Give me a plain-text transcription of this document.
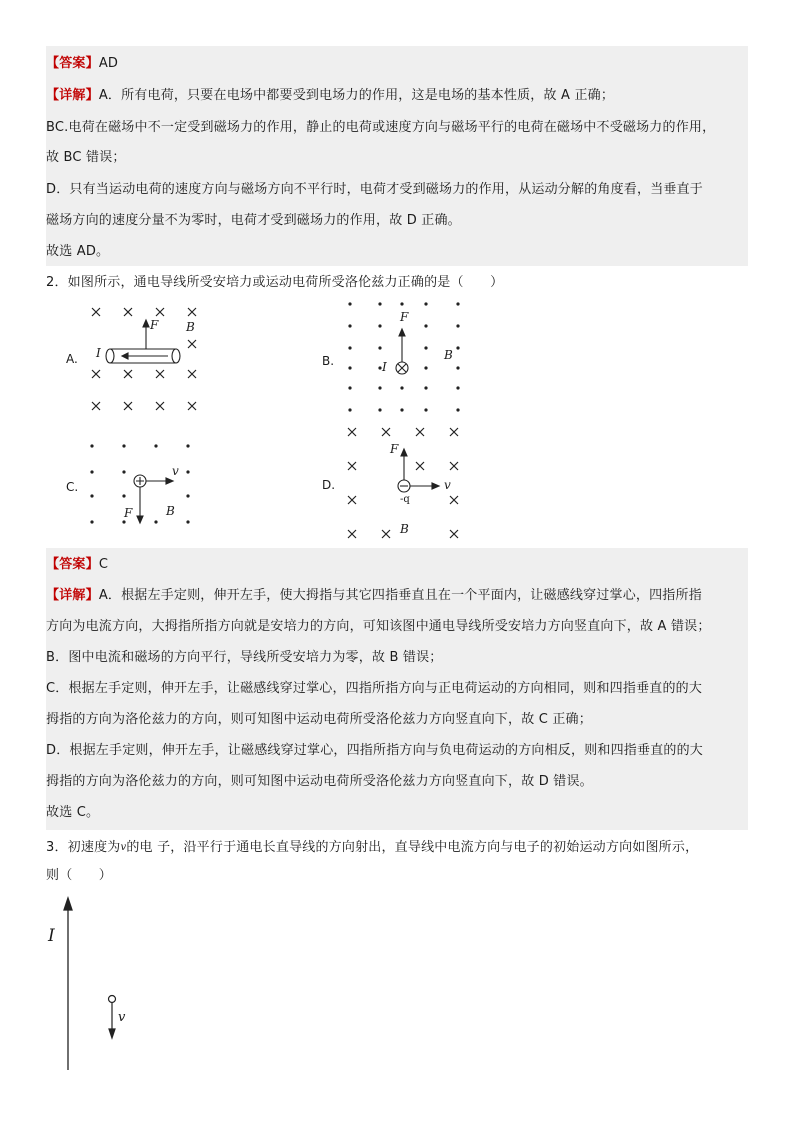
【答案】AD
【详解】A．所有电荷，只要在电场中都要受到电场力的作用，这是电场的基本性质，故 A 正确；
BC.电荷在磁场中不一定受到磁场力的作用，静止的电荷或速度方向与磁场平行的电荷在磁场中不受磁场力的作用，
故 BC 错误；
D．只有当运动电荷的速度方向与磁场方向不平行时，电荷才受到磁场力的作用，从运动分解的角度看，当垂直于
磁场方向的速度分量不为零时，电荷才受到磁场力的作用，故 D 正确。
故选 AD。
2．如图所示，通电导线所受安培力或运动电荷所受洛伦兹力正确的是（　　）
A. I
F B
B.
F
I
B
C.
v
F	B
D.
F
v
-q
B
【答案】C
【详解】A．根据左手定则，伸开左手，使大拇指与其它四指垂直且在一个平面内，让磁感线穿过掌心，四指所指
方向为电流方向，大拇指所指方向就是安培力的方向，可知该图中通电导线所受安培力方向竖直向下，故 A 错误；
B．图中电流和磁场的方向平行，导线所受安培力为零，故 B 错误；
C．根据左手定则，伸开左手，让磁感线穿过掌心，四指所指方向与正电荷运动的方向相同，则和四指垂直的的大
拇指的方向为洛伦兹力的方向，则可知图中运动电荷所受洛伦兹力方向竖直向下，故 C 正确；
D．根据左手定则，伸开左手，让磁感线穿过掌心，四指所指方向与负电荷运动的方向相反，则和四指垂直的的大
拇指的方向为洛伦兹力的方向，则可知图中运动电荷所受洛伦兹力方向竖直向下，故 D 错误。
故选 C。
3．初速度为$^v$的电 子，沿平行于通电长直导线的方向射出，直导线中电流方向与电子的初始运动方向如图所示，
则（　　）
I
v
